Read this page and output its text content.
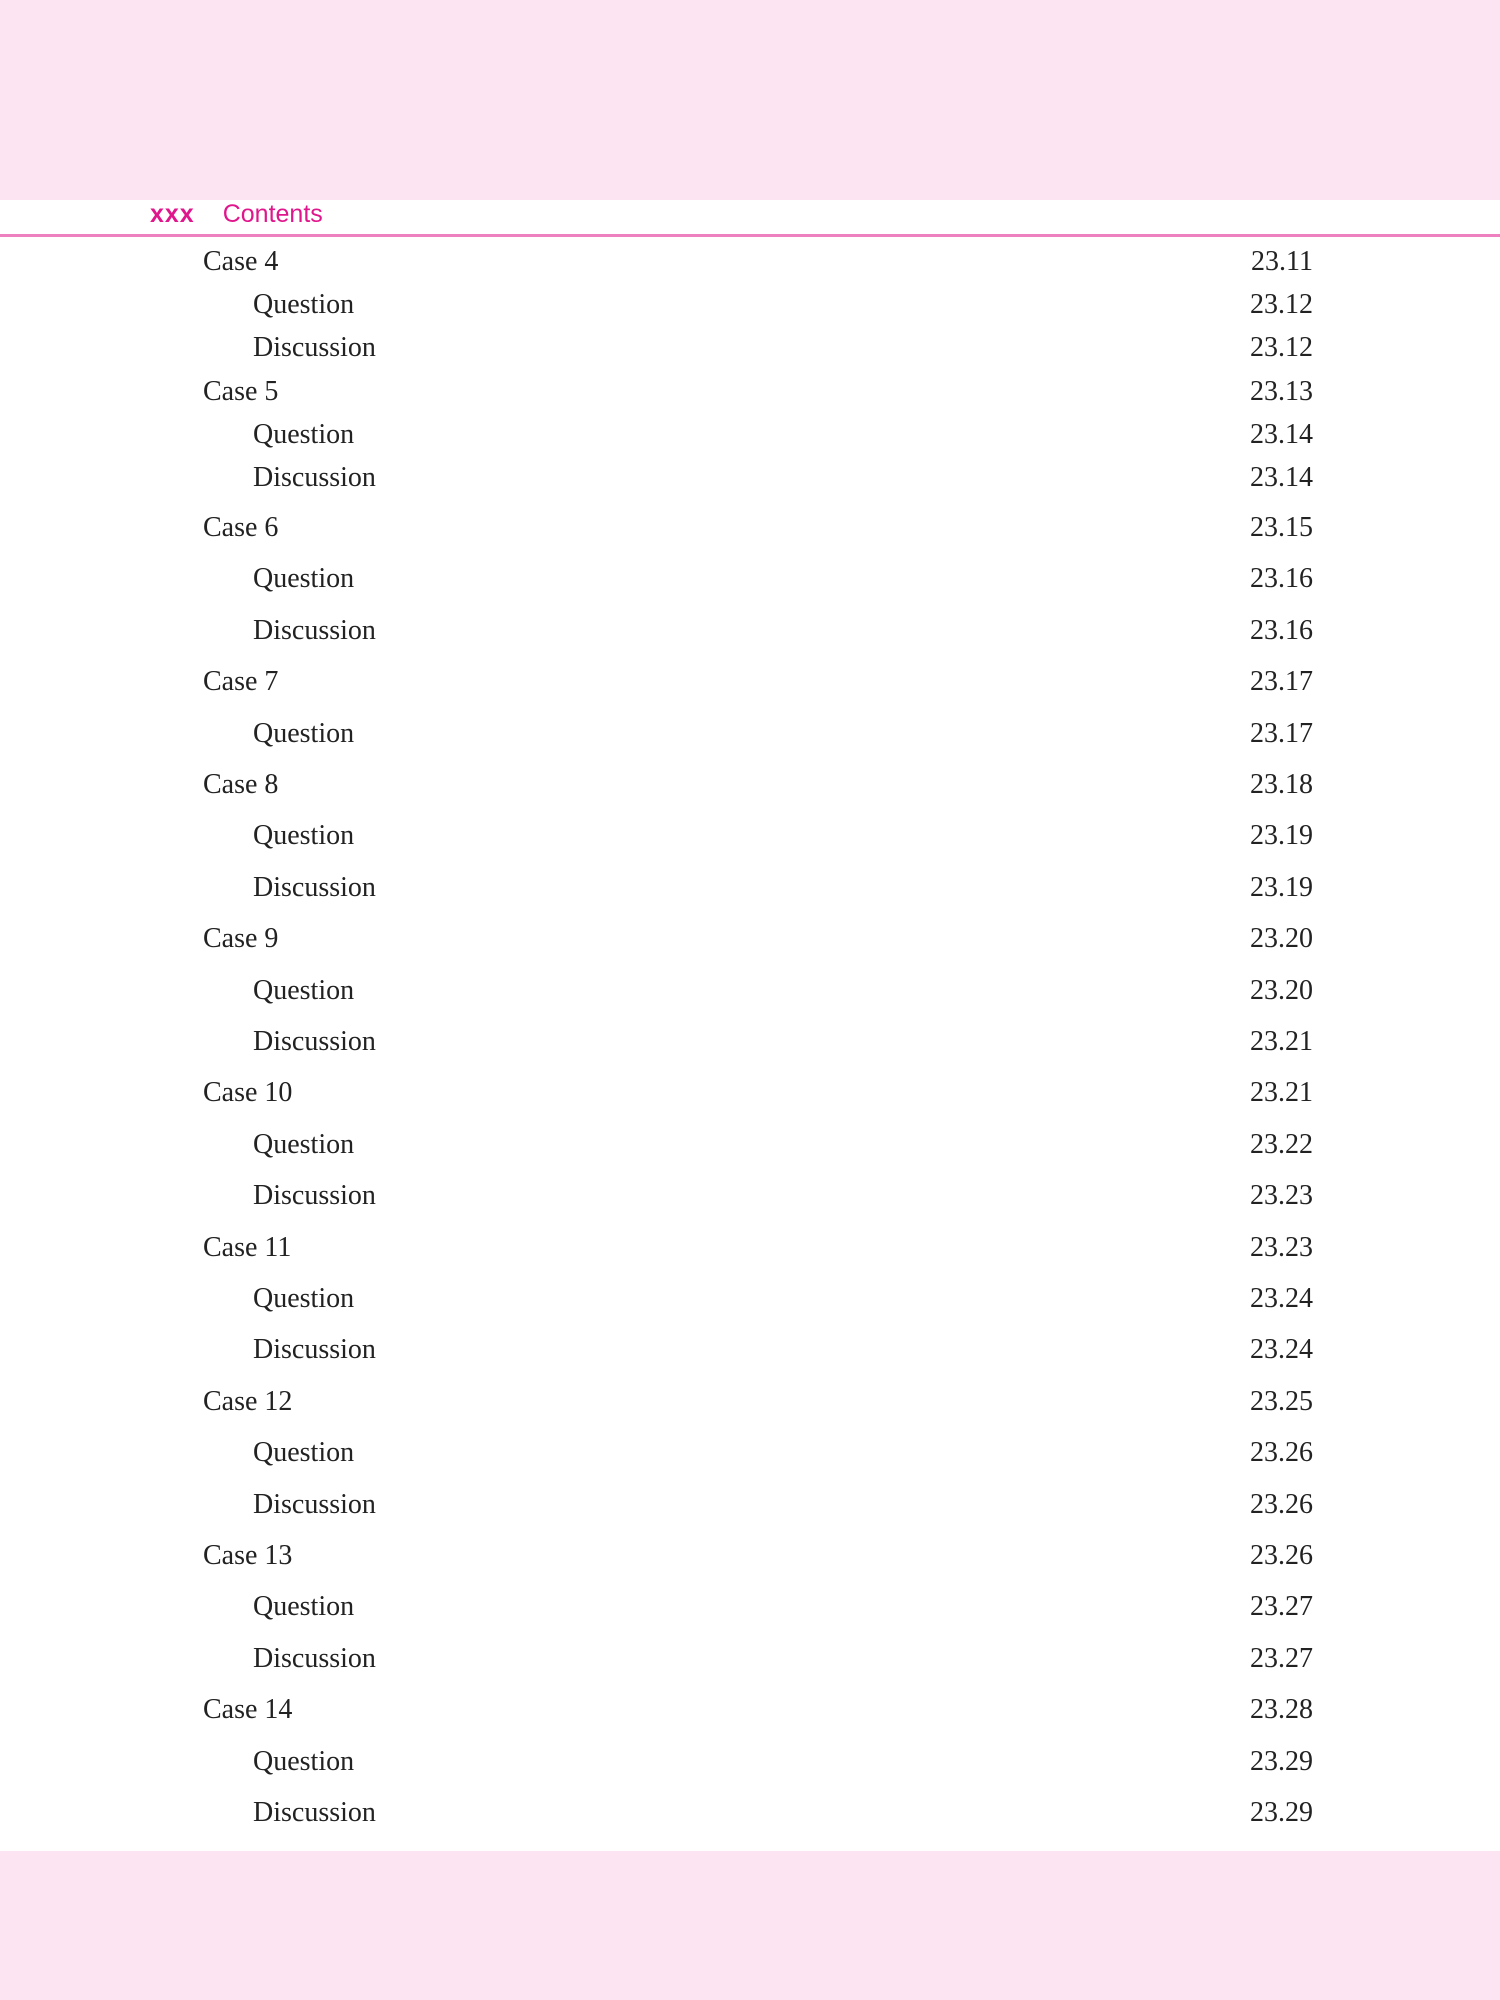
xxx Contents
Case 4	23.11
Question	23.12
Discussion	23.12
Case 5	23.13
Question	23.14
Discussion	23.14
Case 6	23.15
Question	23.16
Discussion	23.16
Case 7	23.17
Question	23.17
Case 8	23.18
Question	23.19
Discussion	23.19
Case 9	23.20
Question	23.20
Discussion	23.21
Case 10	23.21
Question	23.22
Discussion	23.23
Case 11	23.23
Question	23.24
Discussion	23.24
Case 12	23.25
Question	23.26
Discussion	23.26
Case 13	23.26
Question	23.27
Discussion	23.27
Case 14	23.28
Question	23.29
Discussion	23.29
